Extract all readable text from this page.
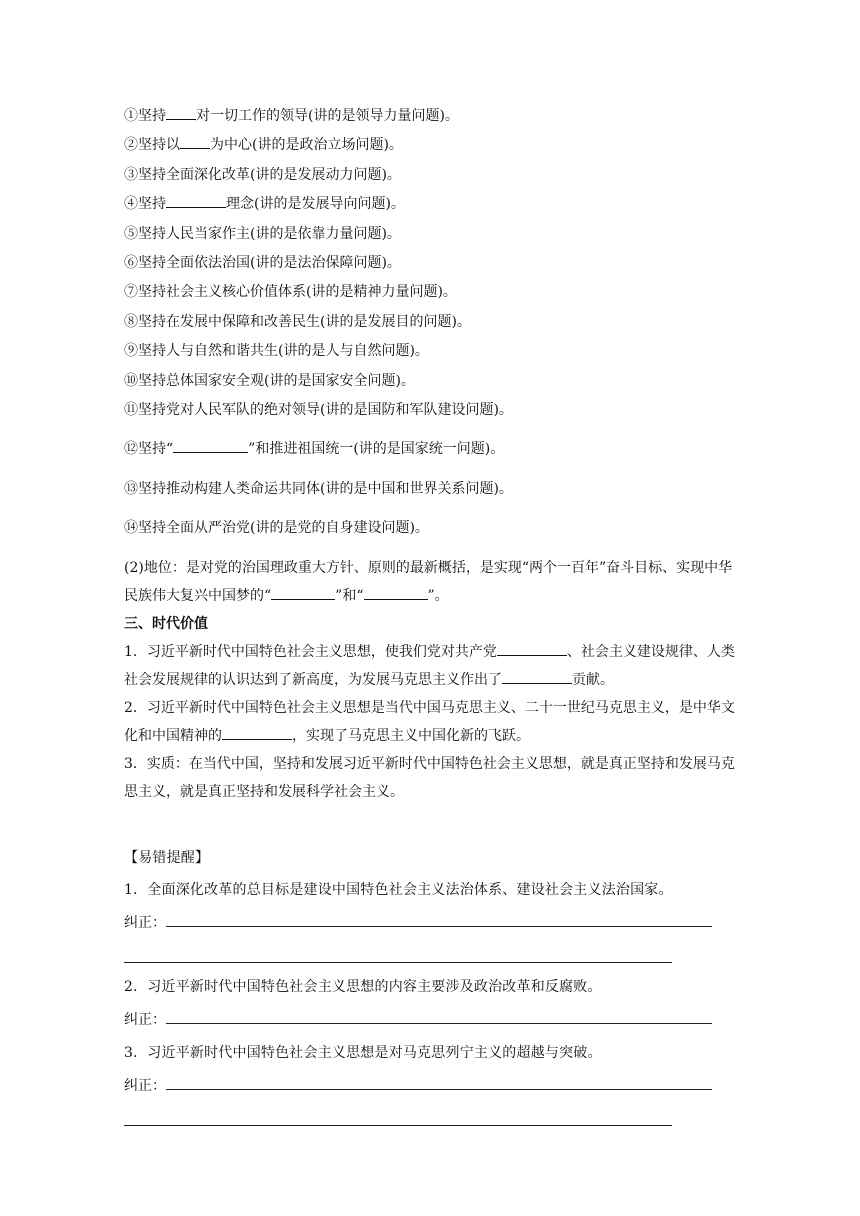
①坚持 对一切工作的领导(讲的是领导力量问题)。

②坚持以 为中心(讲的是政治立场问题)。

③坚持全面深化改革(讲的是发展动力问题)。

④坚持	理念(讲的是发展导向问题)。

⑤坚持人民当家作主(讲的是依靠力量问题)。

⑥坚持全面依法治国(讲的是法治保障问题)。

⑦坚持社会主义核心价值体系(讲的是精神力量问题)。

⑧坚持在发展中保障和改善民生(讲的是发展目的问题)。

⑨坚持人与自然和谐共生(讲的是人与自然问题)。

⑩坚持总体国家安全观(讲的是国家安全问题)。

⑪坚持党对人民军队的绝对领导(讲的是国防和军队建设问题)。

⑫坚持“	”和推进祖国统一(讲的是国家统一问题)。

⑬坚持推动构建人类命运共同体(讲的是中国和世界关系问题)。

⑭坚持全面从严治党(讲的是党的自身建设问题)。

(2)地位：是对党的治国理政重大方针、原则的最新概括，是实现“两个一百年”奋斗目标、实现中华民族伟大复兴中国梦的“	”和“	”。

三、时代价值

1．习近平新时代中国特色社会主义思想，使我们党对共产党	、社会主义建设规律、人类社会发展规律的认识达到了新高度，为发展马克思主义作出了	贡献。

2．习近平新时代中国特色社会主义思想是当代中国马克思主义、二十一世纪马克思主义，是中华文化和中国精神的	，实现了马克思主义中国化新的飞跃。

3．实质：在当代中国，坚持和发展习近平新时代中国特色社会主义思想，就是真正坚持和发展马克思主义，就是真正坚持和发展科学社会主义。

【易错提醒】

1．全面深化改革的总目标是建设中国特色社会主义法治体系、建设社会主义法治国家。

纠正：

2．习近平新时代中国特色社会主义思想的内容主要涉及政治改革和反腐败。

纠正：

3．习近平新时代中国特色社会主义思想是对马克思列宁主义的超越与突破。

纠正：
